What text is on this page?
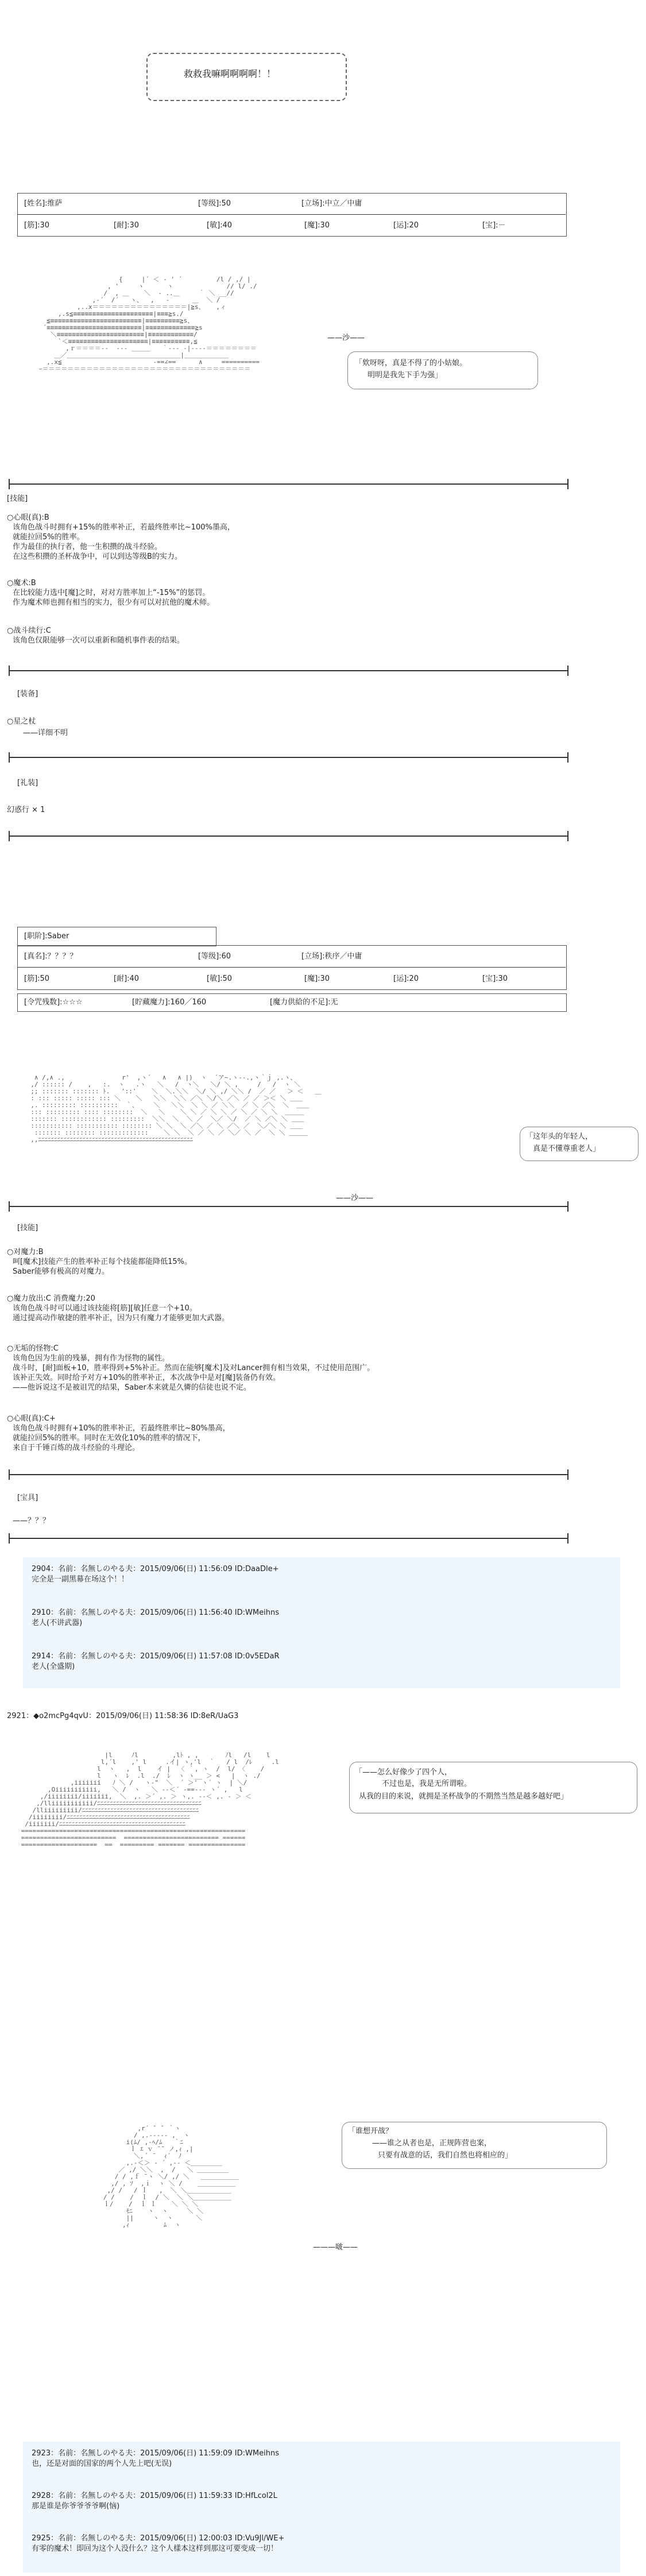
救救我嘛啊啊啊啊！！
[姓名]:维萨	[等级]:50	[立场]:中立／中庸
[筋]:30	[耐]:30	[敏]:40	[魔]:30	[运]:20	[宝]:－
{     |´ ＜ ‐ ' ´         /l / ,/ |
, '     ヽ      ヽ              // l/ ./
/  , ＿    ＼  ‐ ..＿     ｀ ＼ __//
,-´  /´   ヽ、  ,   -      ＿  ＼ /
,..x＝＝＝＝＝＝＝＝＝＝＝＝＝＝＝|≧s、   ,ィ
,.s≦≡≡≡≡≡≡≡≡≡≡≡≡≡≡≡≡≡≡≡≡≡|≡≡≡≧s./
≦≡≡≡≡≡≡≡≡≡≡≡≡≡≡≡≡≡≡≡≡≡≡≡≡|≡≡≡≡≡≡≡≡≡≧s、
´≡≡≡≡≡≡≡≡≡≡≡≡≡≡≡≡≡≡≡≡≡≡≡≡≡|≡≡≡≡≡≡≡≡≡≡≡≡≡≧s
＼≡≡≡≡≡≡≡≡≡≡≡≡≡≡≡≡≡≡≡≡≡≡≡|≡≡≡≡≡≡≡≡≡≡≡≡/
`＜≡≡≡≡≡≡≡≡≡≡≡≡≡≡≡≡≡≡≡≡≡|≡≡≡≡≡≡≡≡≡≡,≦
,ｒ＝＝＝＝‐-  ‐‐‐ ＿＿＿   ｀‐‐‐ ‐|‐‐‐‐＝＝＝＝＝＝＝＝
＿／＿＿＿＿＿＿＿＿＿＿＿＿＿＿＿＿＿＿|＿＿＿＿＿＿＿
,.x≦                        -==∠==      ∧     ==========
ｰ＝＝＝＝＝＝＝＝＝＝＝＝＝＝＝＝＝＝＝＝＝＝＝＝＝＝＝＝＝＝＝＝＝

——沙——
「欸呀呀，真是不得了的小姑娘。
明明是我先下手为强」
[技能]
○心眼(真):B
该角色战斗时拥有+15%的胜率补正，若最终胜率比~100%墨高，
就能拉回5%的胜率。
作为最佳的执行者，他一生积攒的战斗经验。
在这些积攒的圣杯战争中，可以到达等级B的实力。
○魔术:B
在比较能力选中[魔]之时，对对方胜率加上“-15%”的惩罚。
作为魔术师也拥有相当的实力，很少有可以对抗他的魔术师。
○战斗续行:C
该角色仅限能够一次可以重新和随机事件表的结果。
[装备]
○星之杖
——详细不明
[礼装]
幻惑行 × 1
[职阶]:Saber
[真名]:？？？？	[等级]:60	[立场]:秩序／中庸
[筋]:50	[耐]:40	[敏]:50	[魔]:30	[运]:20	[宝]:30
[令咒残数]:☆☆☆	[貯藏魔力]:160／160	[魔力供給的不足]:无
∧ /,∧ .,               r'  ,ヽ´   ∧   ∧ |)  ヽ  ´ア~.ヽ-‐.,ヽ｀ｊ ,.ヽ、
,/ :::::: /    ,   :.  ヽ   .ヽ   ＼   /  ヽ＼   ＼/ ＼ ,     /   /  ヽ ＼
;; ::::::: ::::::: ﾄ.   '::'    ＼  ＼.＼＼  ＼/ ＼ ,/ ＼＼ /  ／ ／   ＞ ＜   ＿
: ::: ::::: ::::: ::: ＼    ＼   ＼＼  ＼＼ ／＼ ＼/＼ ／＼ ／ ／ ＞＜ ＼ ＿＿
,. ::::::::: ::::::::::  ｀、    ＼   ＼＼  ＼ ＼ ／ ＼＼  ／ ＼ ／＼  ＼  ＿＿
::: ::::::::: :::: ::::::::  ＼   ＼    ＼ ＼ ／ ＼ ＼ ／ ＼ ／ ＼ ＼  ＿＿＿
::::::: :::::::::::: :::::::::  ＼＼  ＼  ＼ ／  ＼／ ＼/  ／ ＼ ／＼ ＼ ＿＿
::::::::::: ::::::::::: :::::::: ＼ ＼  ＼ ／＼ ／ ＼ ／＼ ／  ＼／＼ ＼ ＿＿
::::::: :::::::: :::::::::::::    ＼ ＼  ＼ ／ ＼ ／ ＼／ ＼ ／  ＼ ＼ ＿＿＿
,,ﾆﾆﾆﾆﾆﾆﾆﾆﾆﾆﾆﾆﾆﾆﾆﾆﾆﾆﾆﾆﾆﾆﾆﾆﾆﾆﾆﾆﾆﾆﾆﾆﾆﾆﾆﾆﾆﾆﾆﾆﾆﾆﾆﾆﾆﾆﾆﾆﾆ	「这年头的年轻人，
真是不懂尊重老人」
——沙——
[技能]
○对魔力:B
呵[魔术]技能产生的胜率补正每个技能都能降低15%。
Saber能够有极高的对魔力。
○魔力放出:C 消费魔力:20
该角色战斗时可以通过该技能将[筋][敏]任意一个+10。
通过提高动作敏捷的胜率补正，因为只有魔力才能够更加大武器。
○无垢的怪物:C
该角色因为生前的残暴，拥有作为怪物的属性。
战斗时，[耐]面板+10，胜率得到+5%补正。然而在能够[魔术]及对Lancer拥有相当效果，不过使用范围广。
该补正失效。同时给予对方+10%的胜率补正，本次战争中是对[魔]装备仍有效。
——他诉说这不是被诅咒的结果，Saber本来就是久憐的信徒也说不定。
○心眼(真):C+
该角色战斗时拥有+10%的胜率补正，若最终胜率比~80%墨高，
就能拉回5%的胜率。同时在无效化10%的胜率的情况下，
来自于千锤百炼的战斗经验的斗理论。
[宝具]
——？？？
2904：名前：名無しのやる夫：2015/09/06(日) 11:56:09 ID:DaaDle+
完全是一副黑幕在场这个！！
2910：名前：名無しのやる夫：2015/09/06(日) 11:56:40 ID:WMeihns
老人(不讲武器)
2914：名前：名無しのやる夫：2015/09/06(日) 11:57:08 ID:0v5EDaR
老人(全盛期)
2921：◆o2mcPg4qvU：2015/09/06(日) 11:58:36 ID:8eR/UaG3
|l     ﾉl         ,lﾄ , ,       ﾉl   /l    l
l,´l    ,' l     .イ| ヽ,'l  ｀   / l  /ﾚ     .l
l  ヽ   ,  l    イ |  〈 ｀, ヽ  /  l/ 〈    /
l   ヽ  ﾚ  .l  ./  ﾚ  ヽ ヽ__ ＞ <   |  ヽ ./
,iiiiiii   ﾉ ＼ /   ヽ‐"  ＼  ´ ＞' ヽ´ ヽ  | ＼/
,Oiiiiiiiiiii,   ＼ /  ヽ   ＼ -‐＜´ -==--- ヽ´ ,   l
,/iiiiiiii/iiiiiii,  ＼  ,. ＞´ ,. ＞ ヽ,. -‐＜ ,. ‐ ＞ ＜
,/lliiiiiiiiiii/ﾆﾆﾆﾆﾆﾆﾆﾆﾆﾆﾆﾆﾆﾆﾆﾆﾆﾆﾆﾆﾆﾆﾆﾆﾆﾆﾆﾆﾆﾆﾆﾆﾆ
/lliiiiiiiii/ﾆﾆﾆﾆﾆﾆﾆﾆﾆﾆﾆﾆﾆﾆﾆﾆﾆﾆﾆﾆﾆﾆﾆﾆﾆﾆﾆﾆﾆﾆﾆﾆﾆﾆﾆﾆﾆ
/iiiiiiii/ﾆﾆﾆﾆﾆﾆﾆﾆﾆﾆﾆﾆﾆﾆﾆﾆﾆﾆﾆﾆﾆﾆﾆﾆﾆﾆﾆﾆﾆﾆﾆﾆﾆﾆﾆﾆﾆﾆﾆ
/iiiiiii/ﾆﾆﾆﾆﾆﾆﾆﾆﾆﾆﾆﾆﾆﾆﾆﾆﾆﾆﾆﾆﾆﾆﾆﾆﾆﾆﾆﾆﾆﾆﾆﾆﾆﾆﾆﾆﾆﾆﾆﾆ
===========================================================
=========================  ========================= ======
====================  ==  ========= ======= ===============

「——怎么好像少了四个人，
不过也是，我是无所谓啦。
从我的目的来说，就拥是圣杯战争的不期然当然是越多越好吧」
,r´ ¯ ¯ ｀ヽ
/ ,.--‐‐- ,  ヽ
i(ﾑ/ ,-ﾍ/ﾑ   ｀ﾆ
ｌ ｴ ｖ ¯¯ ノ,ｨ ,|
＼, ﾟ ¯  ｨ´  ﾉ
,.-＜＞ ‐ ´ ,-‐ ＜＿＿＿＿＿
／ ,/ ＼＼  ,  /   ＼ ＿＿＿＿＿
/ / ,ｆ ¯ヽ ＼/ ,/ ＼   ＿＿＿＿＿＿
,/ , ｿ  ,ｉ  ヽ ＼ /    ＿＿＿＿＿＿
,/ /   / ｌ   ,  ＼ ＼＿＿＿＿＿＿＿
/ /    /  ｌ  / ＼  ＼ ＼＿＿＿＿＿＿
ｌ/    /  ｌ ｌ    ＼ ＼ ＼
ﾓﾆ    ヽ  ヽ     ＼ ＼
||     ヽ  ヽ      ＼
,ｨ         ﾑ  ヽ

「谁想开战？
——谁之从者也是，正规阵营也案，
只要有战意的话，我们自然也将相应的」
———啵——
2923：名前：名無しのやる夫：2015/09/06(日) 11:59:09 ID:WMeihns
也，还是对面的国家的两个人先上吧(无误)
2928：名前：名無しのやる夫：2015/09/06(日) 11:59:33 ID:HfLcol2L
那是谁是你爷爷爷爷啊(恼)
2925：名前：名無しのやる夫：2015/09/06(日) 12:00:03 ID:Vu9Jl/WE+
有零的魔术！即回为这个人没什么？这个人樣本这样到那这可要变成一切！
